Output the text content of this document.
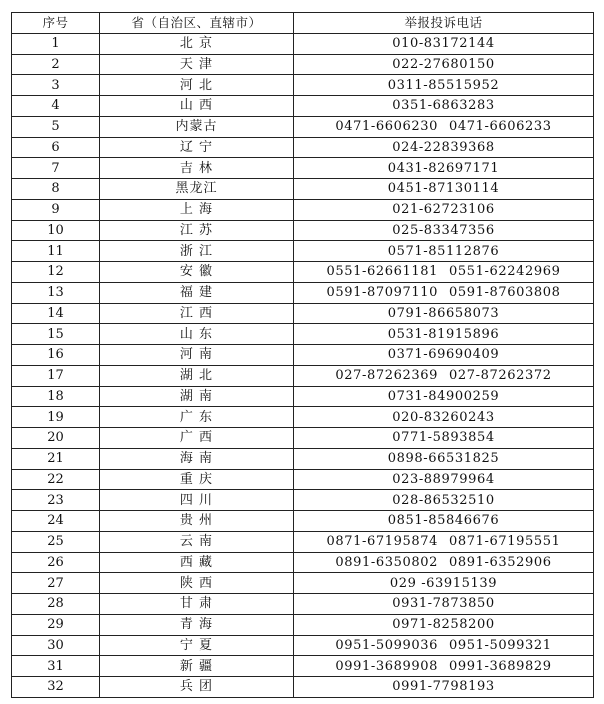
序号	省（自治区、直辖市）	举报投诉电话
1	北 京	010-83172144
2	天 津	022-27680150
3	河 北	0311-85515952
4	山 西	0351-6863283
5	内蒙古	0471-6606230 0471-6606233
6	辽 宁	024-22839368
7	吉 林	0431-82697171
8	黑龙江	0451-87130114
9	上 海	021-62723106
10	江 苏	025-83347356
11	浙 江	0571-85112876
12	安 徽	0551-62661181 0551-62242969
13	福 建	0591-87097110 0591-87603808
14	江 西	0791-86658073
15	山 东	0531-81915896
16	河 南	0371-69690409
17	湖 北	027-87262369 027-87262372
18	湖 南	0731-84900259
19	广 东	020-83260243
20	广 西	0771-5893854
21	海 南	0898-66531825
22	重 庆	023-88979964
23	四 川	028-86532510
24	贵 州	0851-85846676
25	云 南	0871-67195874 0871-67195551
26	西 藏	0891-6350802 0891-6352906
27	陕 西	029 -63915139
28	甘 肃	0931-7873850
29	青 海	0971-8258200
30	宁 夏	0951-5099036 0951-5099321
31	新 疆	0991-3689908 0991-3689829
32	兵 团	0991-7798193
